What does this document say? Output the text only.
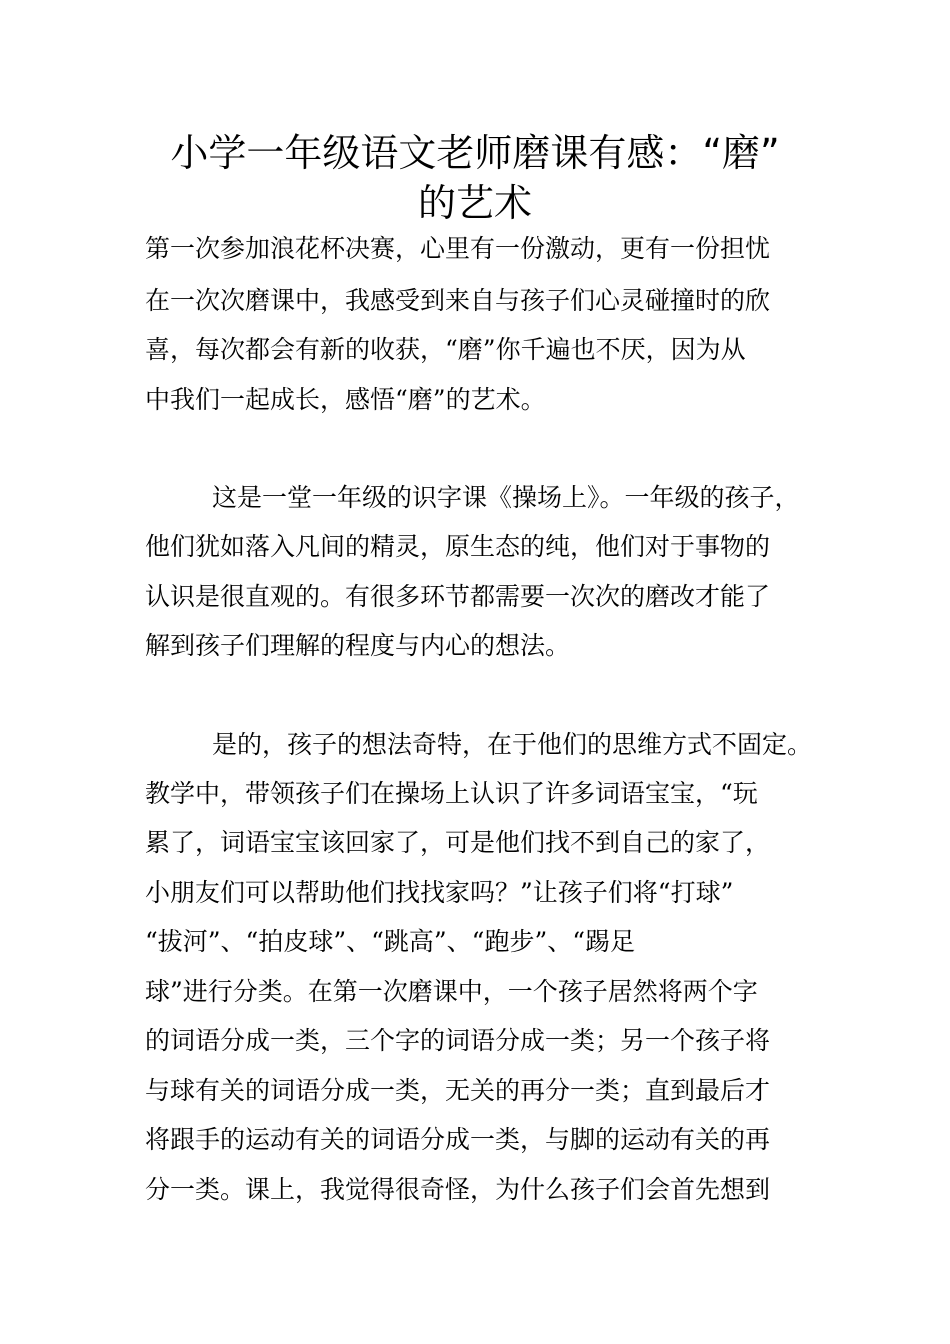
小学一年级语文老师磨课有感：“磨”
的艺术

第一次参加浪花杯决赛，心里有一份激动，更有一份担忧

在一次次磨课中，我感受到来自与孩子们心灵碰撞时的欣

喜，每次都会有新的收获，“磨”你千遍也不厌，因为从

中我们一起成长，感悟“磨”的艺术。

这是一堂一年级的识字课《操场上》。一年级的孩子，

他们犹如落入凡间的精灵，原生态的纯，他们对于事物的

认识是很直观的。有很多环节都需要一次次的磨改才能了

解到孩子们理解的程度与内心的想法。

是的，孩子的想法奇特，在于他们的思维方式不固定。

教学中，带领孩子们在操场上认识了许多词语宝宝，“玩

累了，词语宝宝该回家了，可是他们找不到自己的家了，

小朋友们可以帮助他们找找家吗？”让孩子们将“打球”

“拔河”、“拍皮球”、“跳高”、“跑步”、“踢足

球”进行分类。在第一次磨课中，一个孩子居然将两个字

的词语分成一类，三个字的词语分成一类；另一个孩子将

与球有关的词语分成一类，无关的再分一类；直到最后才

将跟手的运动有关的词语分成一类，与脚的运动有关的再

分一类。课上，我觉得很奇怪，为什么孩子们会首先想到
